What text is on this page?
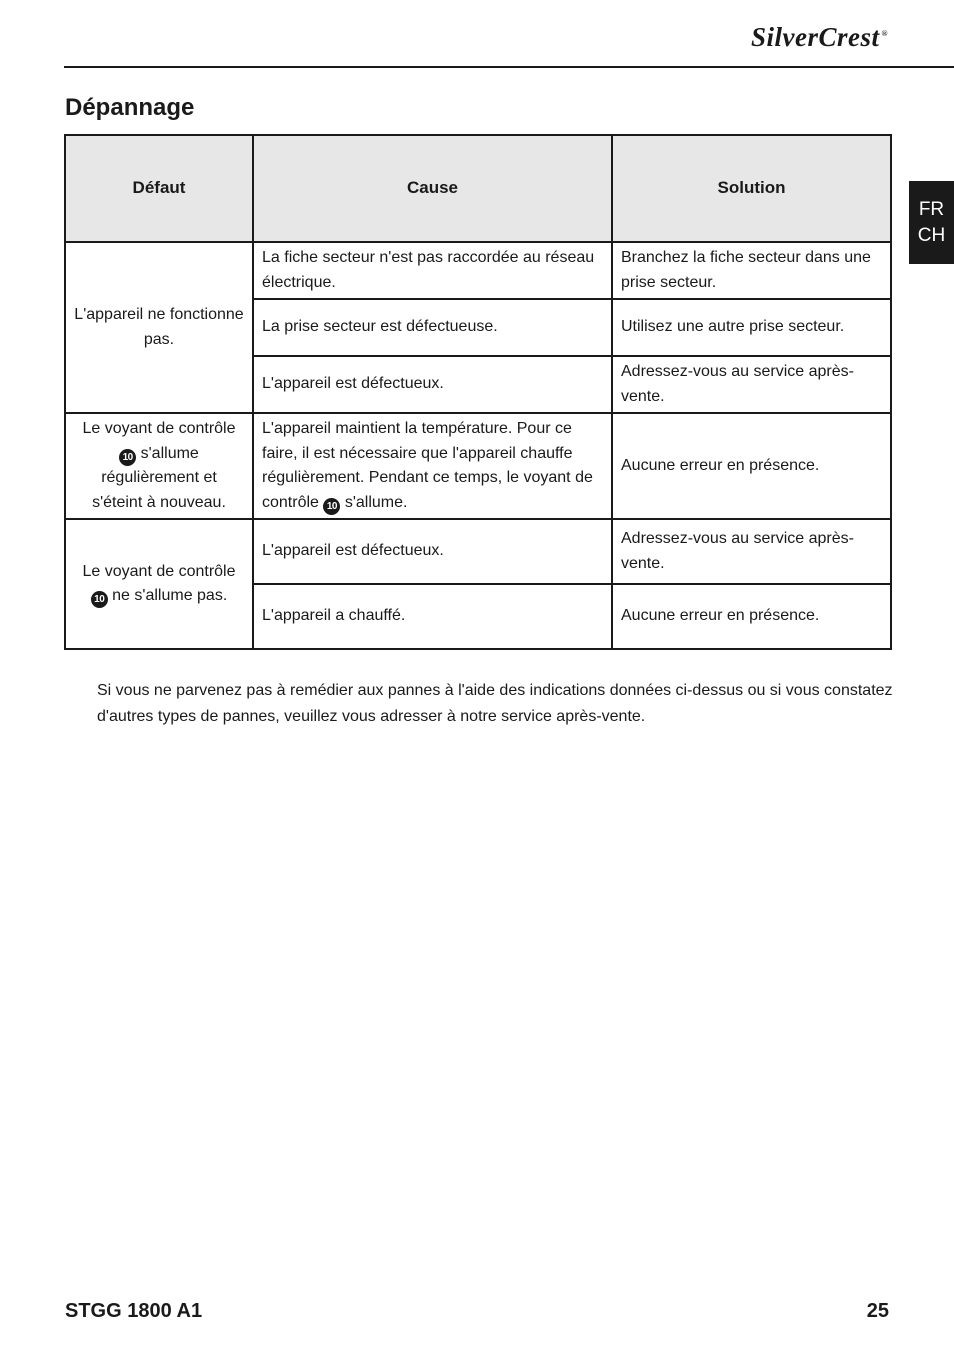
SilverCrest ®
Dépannage
FR
CH
Défaut	Cause	Solution
L'appareil ne fonctionne pas.	La fiche secteur n'est pas raccordée au réseau électrique.	Branchez la fiche secteur dans une prise secteur.
	La prise secteur est défectueuse.	Utilisez une autre prise secteur.
	L'appareil est défectueux.	Adressez-vous au service après-vente.
Le voyant de contrôle 10 s'allume régulièrement et s'éteint à nouveau.	L'appareil maintient la température. Pour ce faire, il est nécessaire que l'appareil chauffe régulièrement. Pendant ce temps, le voyant de contrôle 10 s'allume.	Aucune erreur en présence.
Le voyant de contrôle 10 ne s'allume pas.	L'appareil est défectueux.	Adressez-vous au service après-vente.
	L'appareil a chauffé.	Aucune erreur en présence.

Si vous ne parvenez pas à remédier aux pannes à l'aide des indications données ci-dessus ou si vous constatez d'autres types de pannes, veuillez vous adresser à notre service après-vente.

STGG 1800 A1	25
